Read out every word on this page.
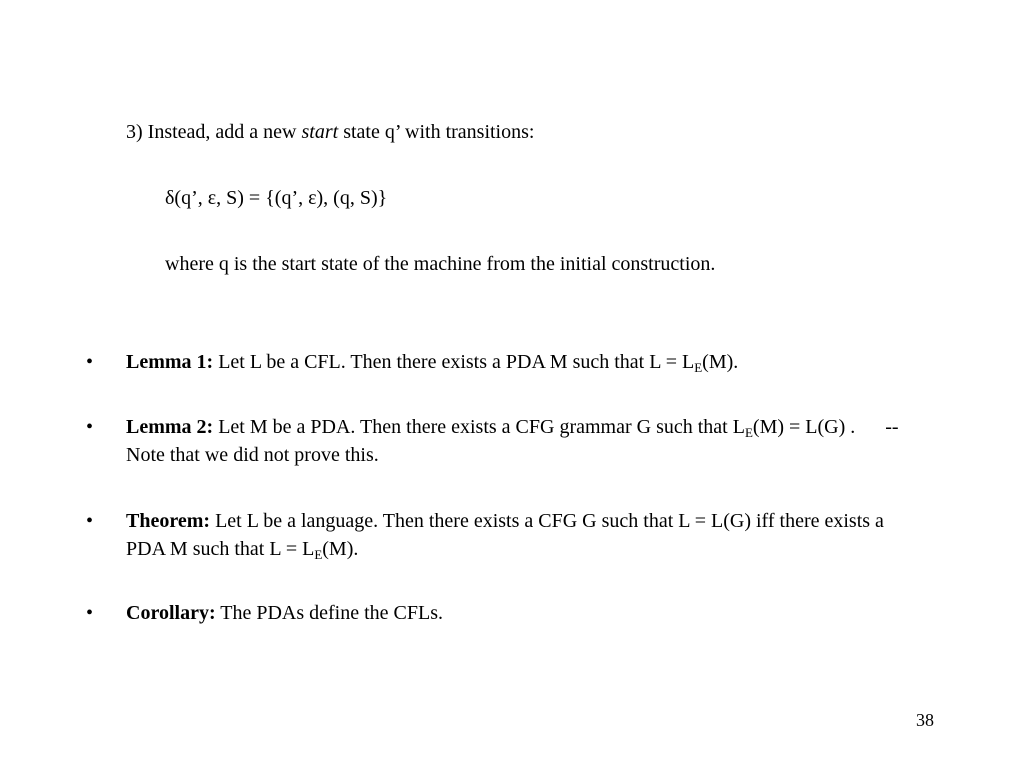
3) Instead, add a new start state q’ with transitions:
δ(q’, ε, S) = {(q’, ε), (q, S)}
where q is the start state of the machine from the initial construction.
• Lemma 1: Let L be a CFL. Then there exists a PDA M such that $L = L_E(M)$.
• Lemma 2: Let M be a PDA. Then there exists a CFG grammar G such that $L_E(M) = L(G)$ .      -- Note that we did not prove this.
• Theorem: Let L be a language. Then there exists a CFG G such that L = L(G) iff there exists a PDA M such that $L = L_E(M)$.
• Corollary: The PDAs define the CFLs.
38
